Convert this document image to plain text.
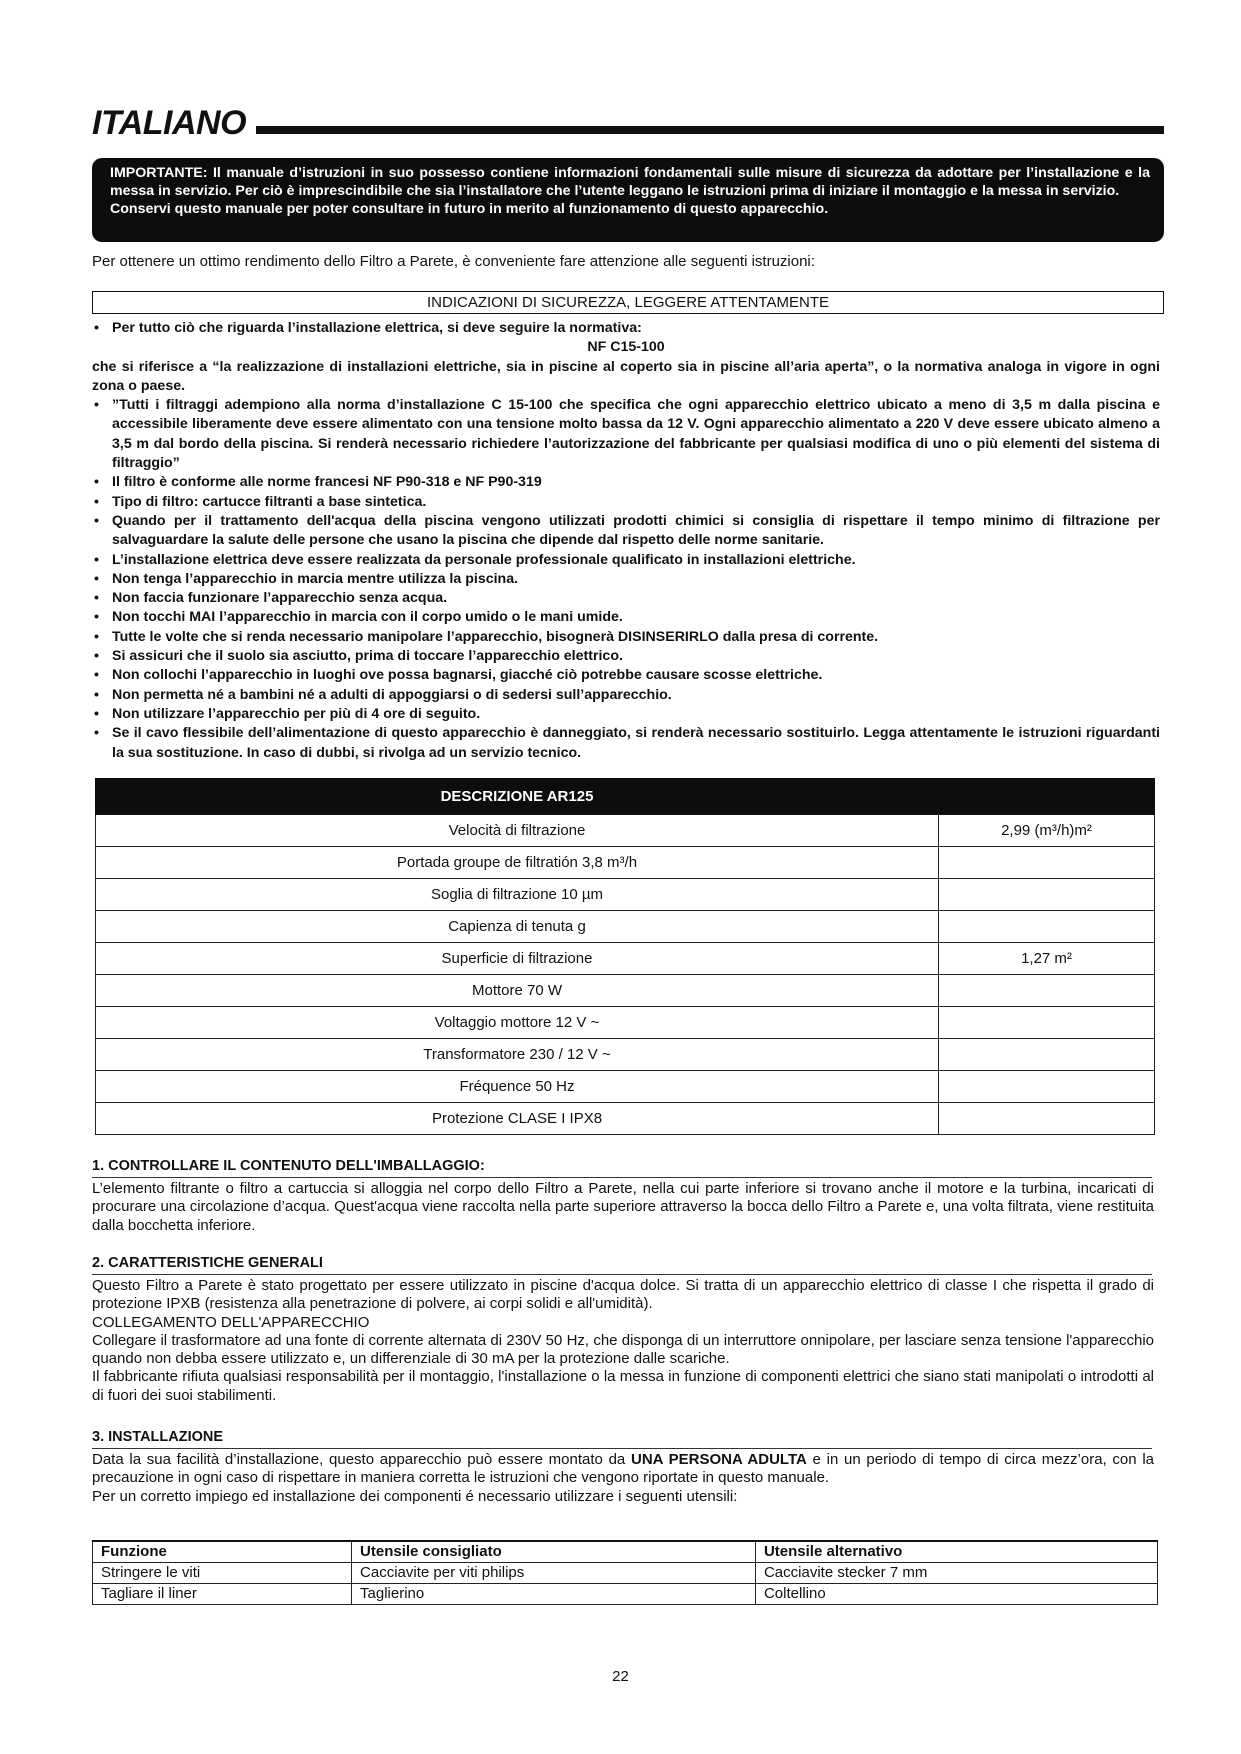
ITALIANO

IMPORTANTE: Il manuale d’istruzioni in suo possesso contiene informazioni fondamentali sulle misure di sicurezza da adottare per l’installazione e la messa in servizio. Per ciò è imprescindibile che sia l’installatore che l’utente leggano le istruzioni prima di iniziare il montaggio e la messa in servizio.

Conservi questo manuale per poter consultare in futuro in merito al funzionamento di questo apparecchio.

Per ottenere un ottimo rendimento dello Filtro a Parete, è conveniente fare attenzione alle seguenti istruzioni:
INDICAZIONI DI SICUREZZA, LEGGERE ATTENTAMENTE
• Per tutto ciò che riguarda l’installazione elettrica, si deve seguire la normativa:
NF C15-100
che si riferisce a “la realizzazione di installazioni elettriche, sia in piscine al coperto sia in piscine all’aria aperta”, o la normativa analoga in vigore in ogni zona o paese.
• ”Tutti i filtraggi adempiono alla norma d’installazione C 15-100 che specifica che ogni apparecchio elettrico ubicato a meno di 3,5 m dalla piscina e accessibile liberamente deve essere alimentato con una tensione molto bassa da 12 V. Ogni apparecchio alimentato a 220 V deve essere ubicato almeno a 3,5 m dal bordo della piscina. Si renderà necessario richiedere l’autorizzazione del fabbricante per qualsiasi modifica di uno o più elementi del sistema di filtraggio”
• Il filtro è conforme alle norme francesi NF P90-318 e NF P90-319
• Tipo di filtro: cartucce filtranti a base sintetica.
• Quando per il trattamento dell'acqua della piscina vengono utilizzati prodotti chimici si consiglia di rispettare il tempo minimo di filtrazione per salvaguardare la salute delle persone che usano la piscina che dipende dal rispetto delle norme sanitarie.
• L’installazione elettrica deve essere realizzata da personale professionale qualificato in installazioni elettriche.
• Non tenga l’apparecchio in marcia mentre utilizza la piscina.
• Non faccia funzionare l’apparecchio senza acqua.
• Non tocchi MAI l’apparecchio in marcia con il corpo umido o le mani umide.
• Tutte le volte che si renda necessario manipolare l’apparecchio, bisognerà DISINSERIRLO dalla presa di corrente.
• Si assicuri che il suolo sia asciutto, prima di toccare l’apparecchio elettrico.
• Non collochi l’apparecchio in luoghi ove possa bagnarsi, giacché ciò potrebbe causare scosse elettriche.
• Non permetta né a bambini né a adulti di appoggiarsi o di sedersi sull’apparecchio.
• Non utilizzare l’apparecchio per più di 4 ore di seguito.
• Se il cavo flessibile dell’alimentazione di questo apparecchio è danneggiato, si renderà necessario sostituirlo. Legga attentamente le istruzioni riguardanti la sua sostituzione. In caso di dubbi, si rivolga ad un servizio tecnico.
DESCRIZIONE AR125	
Velocità di filtrazione	2,99 (m³/h)m²
Portada groupe de filtratión 3,8 m³/h	
Soglia di filtrazione 10 µm	
Capienza di tenuta g	
Superficie di filtrazione	1,27 m²
Mottore 70 W	
Voltaggio mottore 12 V ~	
Transformatore 230 / 12 V ~	
Fréquence 50 Hz	
Protezione CLASE I IPX8	
1. CONTROLLARE IL CONTENUTO DELL'IMBALLAGGIO:

L’elemento filtrante o filtro a cartuccia si alloggia nel corpo dello Filtro a Parete, nella cui parte inferiore si trovano anche il motore e la turbina, incaricati di procurare una circolazione d’acqua. Quest'acqua viene raccolta nella parte superiore attraverso la bocca dello Filtro a Parete e, una volta filtrata, viene restituita dalla bocchetta inferiore.

2. CARATTERISTICHE GENERALI

Questo Filtro a Parete è stato progettato per essere utilizzato in piscine d'acqua dolce. Si tratta di un apparecchio elettrico di classe I che rispetta il grado di protezione IPXB (resistenza alla penetrazione di polvere, ai corpi solidi e all'umidità).

COLLEGAMENTO DELL'APPARECCHIO

Collegare il trasformatore ad una fonte di corrente alternata di 230V 50 Hz, che disponga di un interruttore onnipolare, per lasciare senza tensione l'apparecchio quando non debba essere utilizzato e, un differenziale di 30 mA per la protezione dalle scariche.

Il fabbricante rifiuta qualsiasi responsabilità per il montaggio, l'installazione o la messa in funzione di componenti elettrici che siano stati manipolati o introdotti al di fuori dei suoi stabilimenti.

3. INSTALLAZIONE

Data la sua facilità d’installazione, questo apparecchio può essere montato da UNA PERSONA ADULTA e in un periodo di tempo di circa mezz’ora, con la precauzione in ogni caso di rispettare in maniera corretta le istruzioni che vengono riportate in questo manuale.

Per un corretto impiego ed installazione dei componenti é necessario utilizzare i seguenti utensili:

Funzione	Utensile consigliato	Utensile alternativo
Stringere le viti	Cacciavite per viti philips	Cacciavite stecker 7 mm
Tagliare il liner	Taglierino	Coltellino
22
